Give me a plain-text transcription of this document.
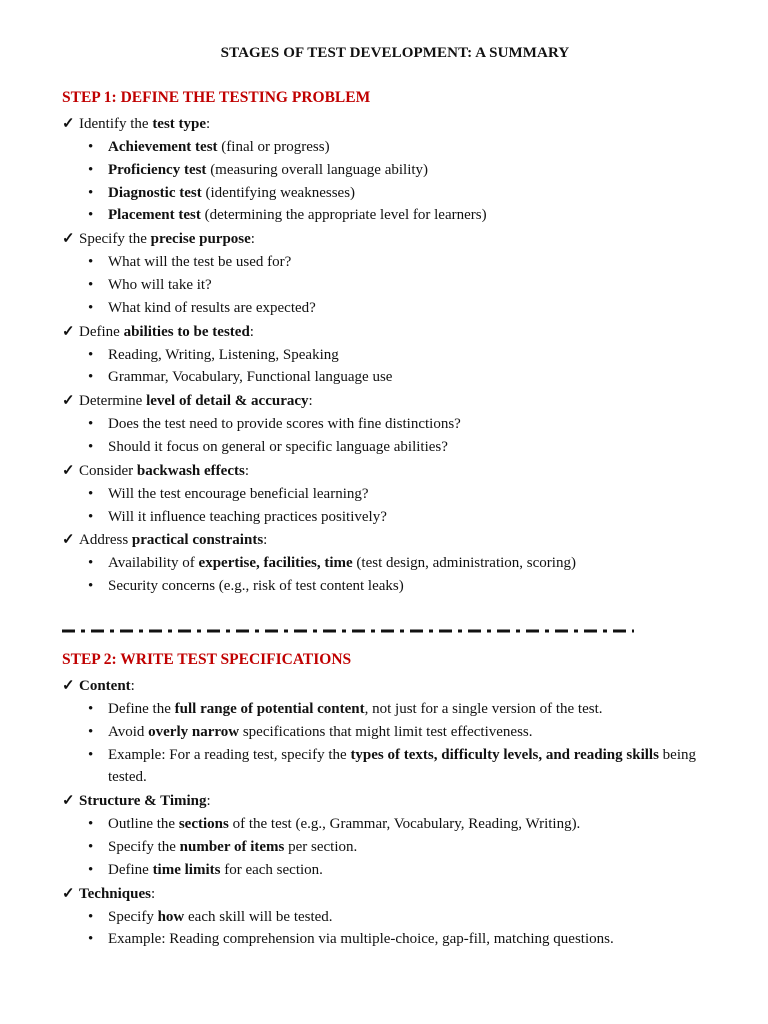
STAGES OF TEST DEVELOPMENT: A SUMMARY
STEP 1: DEFINE THE TESTING PROBLEM
✓ Identify the test type:
• Achievement test (final or progress)
• Proficiency test (measuring overall language ability)
• Diagnostic test (identifying weaknesses)
• Placement test (determining the appropriate level for learners)
✓ Specify the precise purpose:
• What will the test be used for?
• Who will take it?
• What kind of results are expected?
✓ Define abilities to be tested:
• Reading, Writing, Listening, Speaking
• Grammar, Vocabulary, Functional language use
✓ Determine level of detail & accuracy:
• Does the test need to provide scores with fine distinctions?
• Should it focus on general or specific language abilities?
✓ Consider backwash effects:
• Will the test encourage beneficial learning?
• Will it influence teaching practices positively?
✓ Address practical constraints:
• Availability of expertise, facilities, time (test design, administration, scoring)
• Security concerns (e.g., risk of test content leaks)
STEP 2: WRITE TEST SPECIFICATIONS
✓ Content:
• Define the full range of potential content, not just for a single version of the test.
• Avoid overly narrow specifications that might limit test effectiveness.
• Example: For a reading test, specify the types of texts, difficulty levels, and reading skills being tested.
✓ Structure & Timing:
• Outline the sections of the test (e.g., Grammar, Vocabulary, Reading, Writing).
• Specify the number of items per section.
• Define time limits for each section.
✓ Techniques:
• Specify how each skill will be tested.
• Example: Reading comprehension via multiple-choice, gap-fill, matching questions.
